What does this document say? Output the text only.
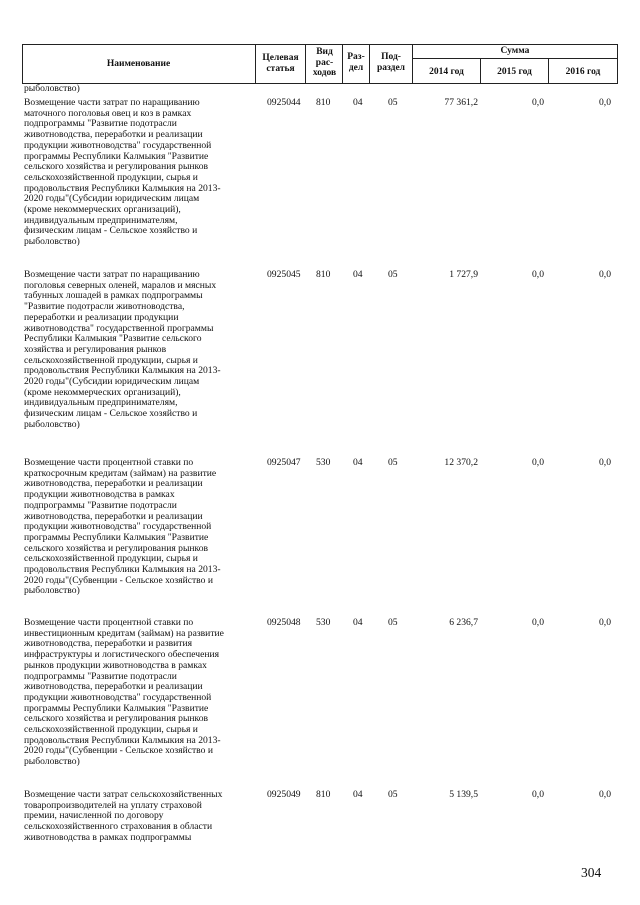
Наименование
Целевая статья
Вид рас- ходов
Раз- дел
Под- раздел
Сумма
2014 год	2015 год	2016 год
рыболовство)
Возмещение части затрат по наращиванию
маточного поголовья овец и коз в рамках
подпрограммы "Развитие подотрасли
животноводства, переработки и реализации
продукции животноводства" государственной
программы Республики Калмыкия "Развитие
сельского хозяйства и регулирования рынков
сельскохозяйственной продукции, сырья и
продовольствия Республики Калмыкия на 2013-
2020 годы"(Субсидии юридическим лицам
(кроме некоммерческих организаций),
индивидуальным предпринимателям,
физическим лицам - Сельское хозяйство и
рыболовство)
0925044 810 04	05	77 361,2	0,0	0,0
Возмещение части затрат по наращиванию
поголовья северных оленей, маралов и мясных
табунных лошадей в рамках подпрограммы
"Развитие подотрасли животноводства,
переработки и реализации продукции
животноводства" государственной программы
Республики Калмыкия "Развитие сельского
хозяйства и регулирования рынков
сельскохозяйственной продукции, сырья и
продовольствия Республики Калмыкия на 2013-
2020 годы"(Субсидии юридическим лицам
(кроме некоммерческих организаций),
индивидуальным предпринимателям,
физическим лицам - Сельское хозяйство и
рыболовство)
0925045 810 04	05	1 727,9	0,0	0,0
Возмещение части процентной ставки по
краткосрочным кредитам (займам) на развитие
животноводства, переработки и реализации
продукции животноводства в рамках
подпрограммы "Развитие подотрасли
животноводства, переработки и реализации
продукции животноводства" государственной
программы Республики Калмыкия "Развитие
сельского хозяйства и регулирования рынков
сельскохозяйственной продукции, сырья и
продовольствия Республики Калмыкия на 2013-
2020 годы"(Субвенции - Сельское хозяйство и
рыболовство)
0925047 530 04	05	12 370,2	0,0	0,0
Возмещение части процентной ставки по
инвестиционным кредитам (займам) на развитие
животноводства, переработки и развития
инфраструктуры и логистического обеспечения
рынков продукции животноводства в рамках
подпрограммы "Развитие подотрасли
животноводства, переработки и реализации
продукции животноводства" государственной
программы Республики Калмыкия "Развитие
сельского хозяйства и регулирования рынков
сельскохозяйственной продукции, сырья и
продовольствия Республики Калмыкия на 2013-
2020 годы"(Субвенции - Сельское хозяйство и
рыболовство)
0925048 530 04	05	6 236,7	0,0	0,0
Возмещение части затрат сельскохозяйственных
товаропроизводителей на уплату страховой
премии, начисленной по договору
сельскохозяйственного страхования в области
животноводства в рамках подпрограммы
0925049 810 04	05	5 139,5	0,0	0,0
304
